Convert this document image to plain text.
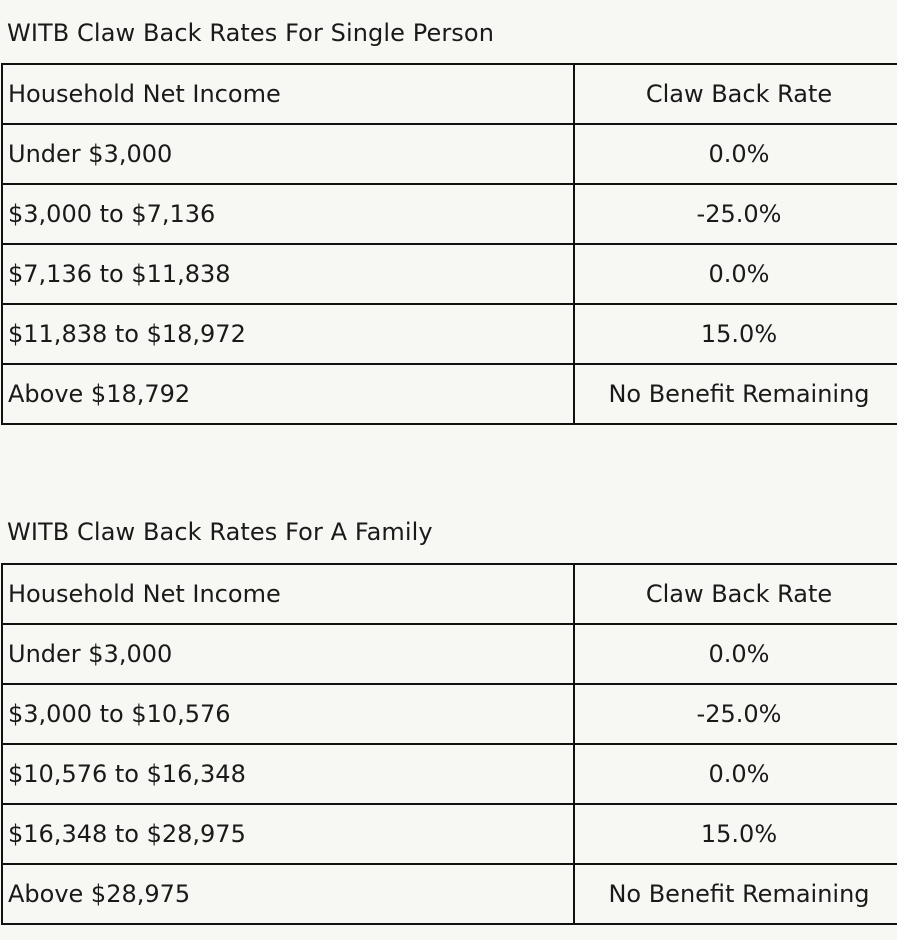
WITB Claw Back Rates For Single Person
Household Net Income	Claw Back Rate
Under $3,000	0.0%
$3,000 to $7,136	-25.0%
$7,136 to $11,838	0.0%
$11,838 to $18,972	15.0%
Above $18,792	No Benefit Remaining
WITB Claw Back Rates For A Family
Household Net Income	Claw Back Rate
Under $3,000	0.0%
$3,000 to $10,576	-25.0%
$10,576 to $16,348	0.0%
$16,348 to $28,975	15.0%
Above $28,975	No Benefit Remaining
